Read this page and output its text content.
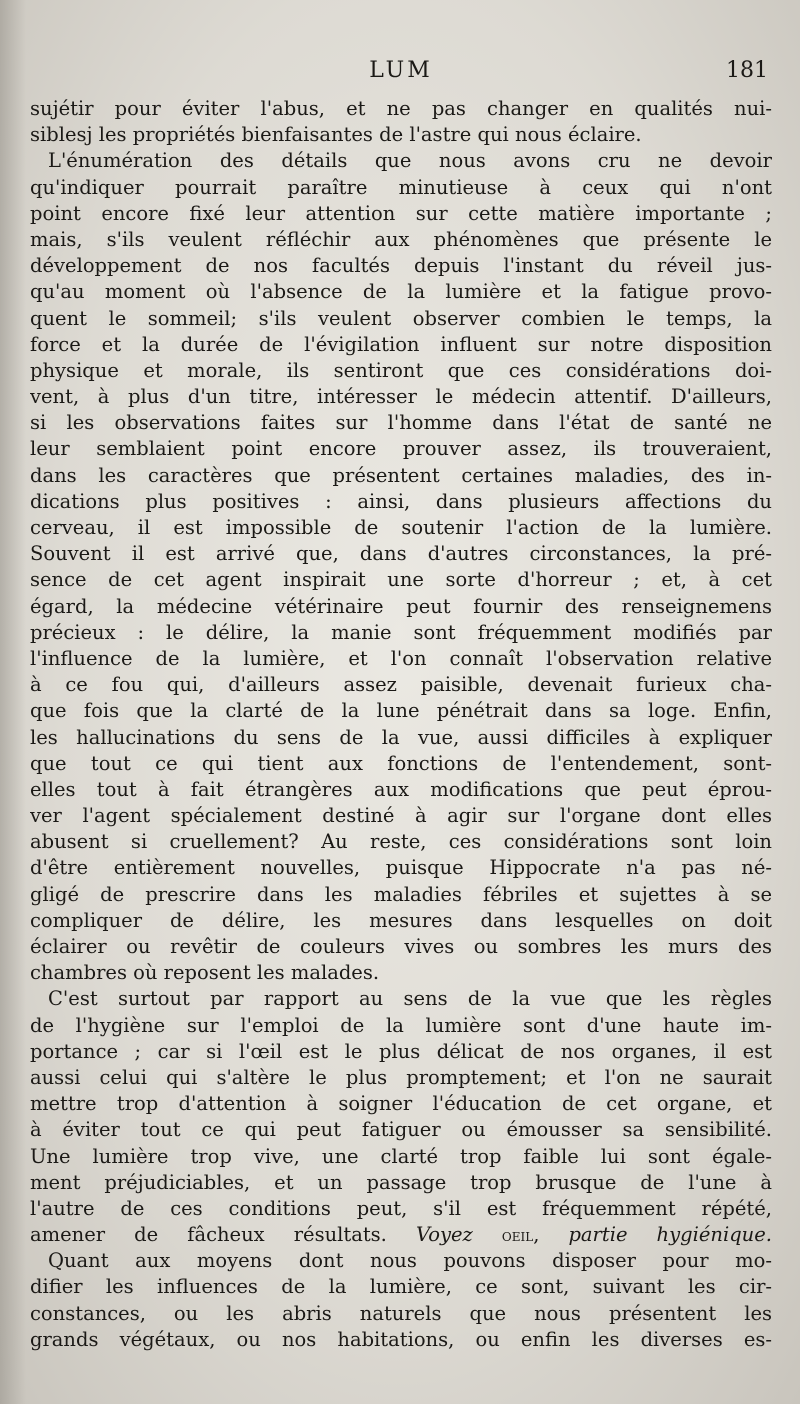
LUM	181
sujétir pour éviter l'abus, et ne pas changer en qualités nui-
siblesj les propriétés bienfaisantes de l'astre qui nous éclaire.
L'énumération des détails que nous avons cru ne devoir
qu'indiquer pourrait paraître minutieuse à ceux qui n'ont
point encore fixé leur attention sur cette matière importante ;
mais, s'ils veulent réfléchir aux phénomènes que présente le
développement de nos facultés depuis l'instant du réveil jus-
qu'au moment où l'absence de la lumière et la fatigue provo-
quent le sommeil; s'ils veulent observer combien le temps, la
force et la durée de l'évigilation influent sur notre disposition
physique et morale, ils sentiront que ces considérations doi-
vent, à plus d'un titre, intéresser le médecin attentif. D'ailleurs,
si les observations faites sur l'homme dans l'état de santé ne
leur semblaient point encore prouver assez, ils trouveraient,
dans les caractères que présentent certaines maladies, des in-
dications plus positives : ainsi, dans plusieurs affections du
cerveau, il est impossible de soutenir l'action de la lumière.
Souvent il est arrivé que, dans d'autres circonstances, la pré-
sence de cet agent inspirait une sorte d'horreur ; et, à cet
égard, la médecine vétérinaire peut fournir des renseignemens
précieux : le délire, la manie sont fréquemment modifiés par
l'influence de la lumière, et l'on connaît l'observation relative
à ce fou qui, d'ailleurs assez paisible, devenait furieux cha-
que fois que la clarté de la lune pénétrait dans sa loge. Enfin,
les hallucinations du sens de la vue, aussi difficiles à expliquer
que tout ce qui tient aux fonctions de l'entendement, sont-
elles tout à fait étrangères aux modifications que peut éprou-
ver l'agent spécialement destiné à agir sur l'organe dont elles
abusent si cruellement? Au reste, ces considérations sont loin
d'être entièrement nouvelles, puisque Hippocrate n'a pas né-
gligé de prescrire dans les maladies fébriles et sujettes à se
compliquer de délire, les mesures dans lesquelles on doit
éclairer ou revêtir de couleurs vives ou sombres les murs des
chambres où reposent les malades.
C'est surtout par rapport au sens de la vue que les règles
de l'hygiène sur l'emploi de la lumière sont d'une haute im-
portance ; car si l'œil est le plus délicat de nos organes, il est
aussi celui qui s'altère le plus promptement; et l'on ne saurait
mettre trop d'attention à soigner l'éducation de cet organe, et
à éviter tout ce qui peut fatiguer ou émousser sa sensibilité.
Une lumière trop vive, une clarté trop faible lui sont égale-
ment préjudiciables, et un passage trop brusque de l'une à
l'autre de ces conditions peut, s'il est fréquemment répété,
amener de fâcheux résultats. Voyez oeil, partie hygiénique.
Quant aux moyens dont nous pouvons disposer pour mo-
difier les influences de la lumière, ce sont, suivant les cir-
constances, ou les abris naturels que nous présentent les
grands végétaux, ou nos habitations, ou enfin les diverses es-
